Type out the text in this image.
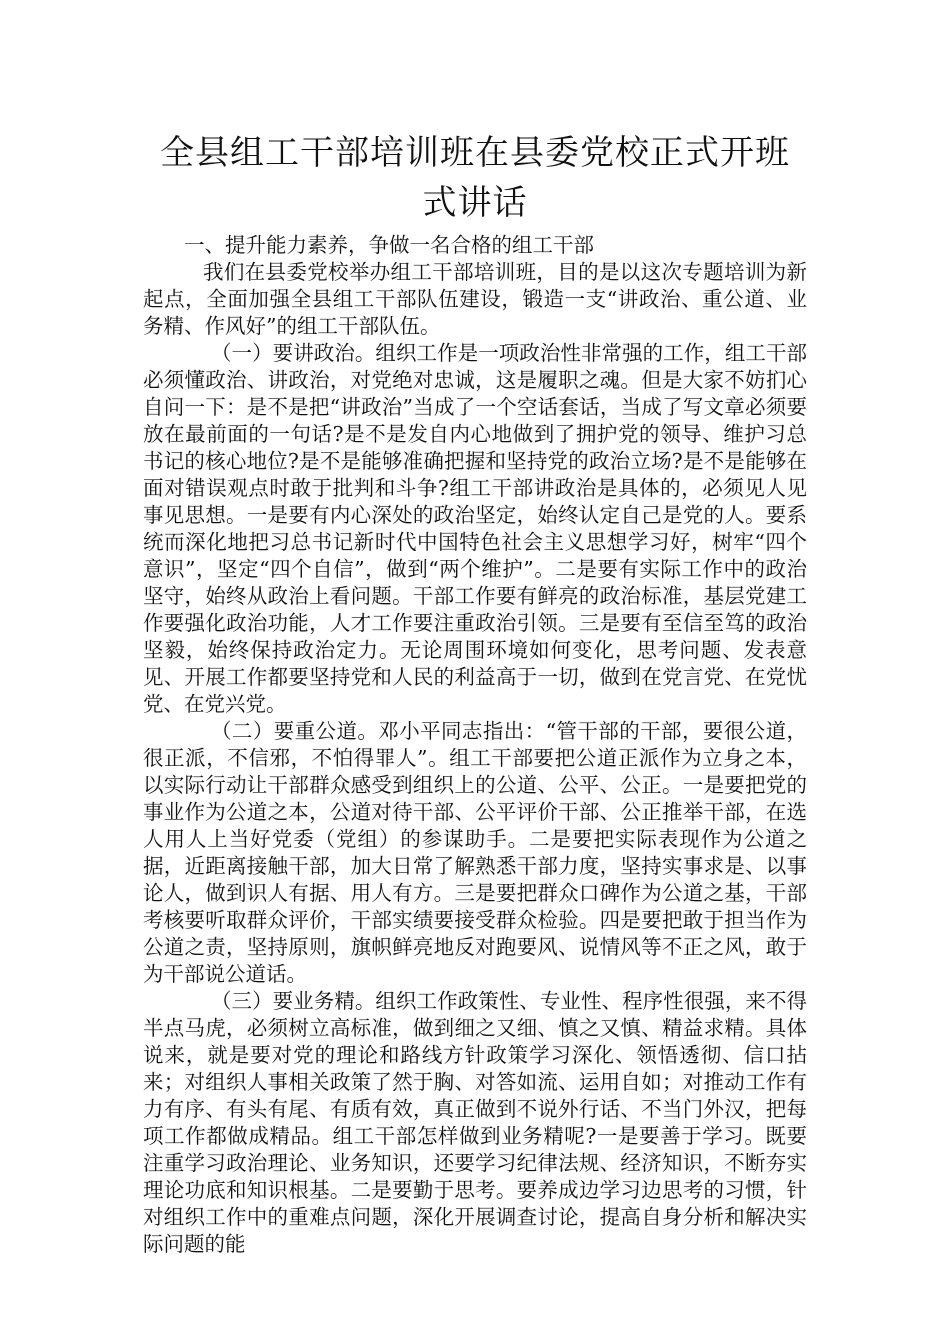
全县组工干部培训班在县委党校正式开班式讲话

一、提升能力素养，争做一名合格的组工干部

我们在县委党校举办组工干部培训班，目的是以这次专题培训为新起点，全面加强全县组工干部队伍建设，锻造一支“讲政治、重公道、业务精、作风好”的组工干部队伍。

（一）要讲政治。组织工作是一项政治性非常强的工作，组工干部必须懂政治、讲政治，对党绝对忠诚，这是履职之魂。但是大家不妨扪心自问一下：是不是把“讲政治”当成了一个空话套话，当成了写文章必须要放在最前面的一句话?是不是发自内心地做到了拥护党的领导、维护习总书记的核心地位?是不是能够准确把握和坚持党的政治立场?是不是能够在面对错误观点时敢于批判和斗争?组工干部讲政治是具体的，必须见人见事见思想。一是要有内心深处的政治坚定，始终认定自己是党的人。要系统而深化地把习总书记新时代中国特色社会主义思想学习好，树牢“四个意识”，坚定“四个自信”，做到“两个维护”。二是要有实际工作中的政治坚守，始终从政治上看问题。干部工作要有鲜亮的政治标准，基层党建工作要强化政治功能，人才工作要注重政治引领。三是要有至信至笃的政治坚毅，始终保持政治定力。无论周围环境如何变化，思考问题、发表意见、开展工作都要坚持党和人民的利益高于一切，做到在党言党、在党忧党、在党兴党。

（二）要重公道。邓小平同志指出：“管干部的干部，要很公道，很正派，不信邪，不怕得罪人”。组工干部要把公道正派作为立身之本，以实际行动让干部群众感受到组织上的公道、公平、公正。一是要把党的事业作为公道之本，公道对待干部、公平评价干部、公正推举干部，在选人用人上当好党委（党组）的参谋助手。二是要把实际表现作为公道之据，近距离接触干部，加大日常了解熟悉干部力度，坚持实事求是、以事论人，做到识人有据、用人有方。三是要把群众口碑作为公道之基，干部考核要听取群众评价，干部实绩要接受群众检验。四是要把敢于担当作为公道之责，坚持原则，旗帜鲜亮地反对跑要风、说情风等不正之风，敢于为干部说公道话。

（三）要业务精。组织工作政策性、专业性、程序性很强，来不得半点马虎，必须树立高标准，做到细之又细、慎之又慎、精益求精。具体说来，就是要对党的理论和路线方针政策学习深化、领悟透彻、信口拈来；对组织人事相关政策了然于胸、对答如流、运用自如；对推动工作有力有序、有头有尾、有质有效，真正做到不说外行话、不当门外汉，把每项工作都做成精品。组工干部怎样做到业务精呢?一是要善于学习。既要注重学习政治理论、业务知识，还要学习纪律法规、经济知识，不断夯实理论功底和知识根基。二是要勤于思考。要养成边学习边思考的习惯，针对组织工作中的重难点问题，深化开展调查讨论，提高自身分析和解决实际问题的能
